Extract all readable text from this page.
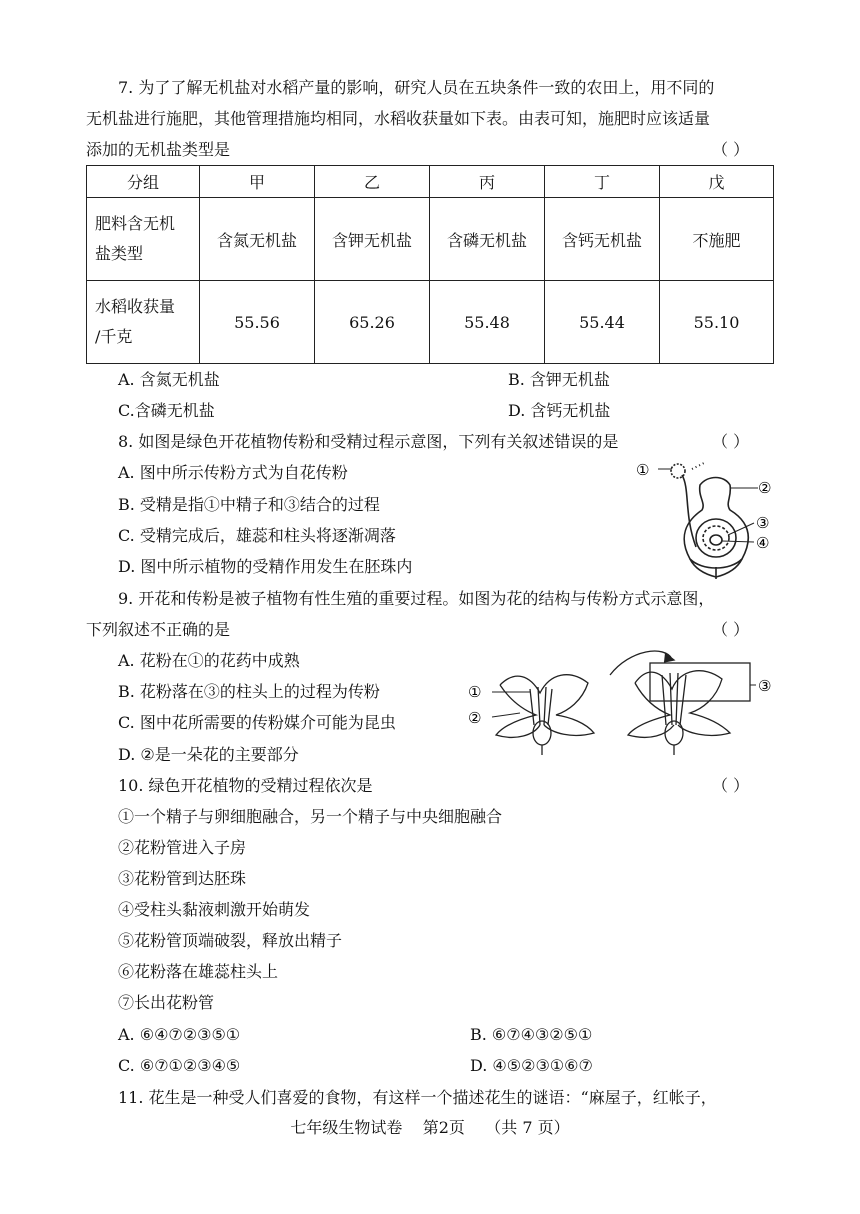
7. 为了了解无机盐对水稻产量的影响，研究人员在五块条件一致的农田上，用不同的
无机盐进行施肥，其他管理措施均相同，水稻收获量如下表。由表可知，施肥时应该适量
添加的无机盐类型是	（ ）
分组	甲	乙	丙	丁	戊

肥料含无机
盐类型	含氮无机盐	含钾无机盐	含磷无机盐	含钙无机盐	不施肥

水稻收获量
/千克	55.56	65.26	55.48	55.44	55.10
A. 含氮无机盐	B. 含钾无机盐
C.含磷无机盐	D. 含钙无机盐
8. 如图是绿色开花植物传粉和受精过程示意图，下列有关叙述错误的是	（ ）
A. 图中所示传粉方式为自花传粉
B. 受精是指①中精子和③结合的过程
C. 受精完成后，雄蕊和柱头将逐渐凋落
D. 图中所示植物的受精作用发生在胚珠内
①
②
③
④
9. 开花和传粉是被子植物有性生殖的重要过程。如图为花的结构与传粉方式示意图，
下列叙述不正确的是	（ ）
A. 花粉在①的花药中成熟
B. 花粉落在③的柱头上的过程为传粉
C. 图中花所需要的传粉媒介可能为昆虫
D. ②是一朵花的主要部分
①
②
③
10. 绿色开花植物的受精过程依次是	（ ）
①一个精子与卵细胞融合，另一个精子与中央细胞融合
②花粉管进入子房
③花粉管到达胚珠
④受柱头黏液刺激开始萌发
⑤花粉管顶端破裂，释放出精子
⑥花粉落在雄蕊柱头上
⑦长出花粉管
A. ⑥④⑦②③⑤①	B. ⑥⑦④③②⑤①
C. ⑥⑦①②③④⑤	D. ④⑤②③①⑥⑦
11. 花生是一种受人们喜爱的食物，有这样一个描述花生的谜语：“麻屋子，红帐子，
七年级生物试卷    第2页    （共 7 页）
